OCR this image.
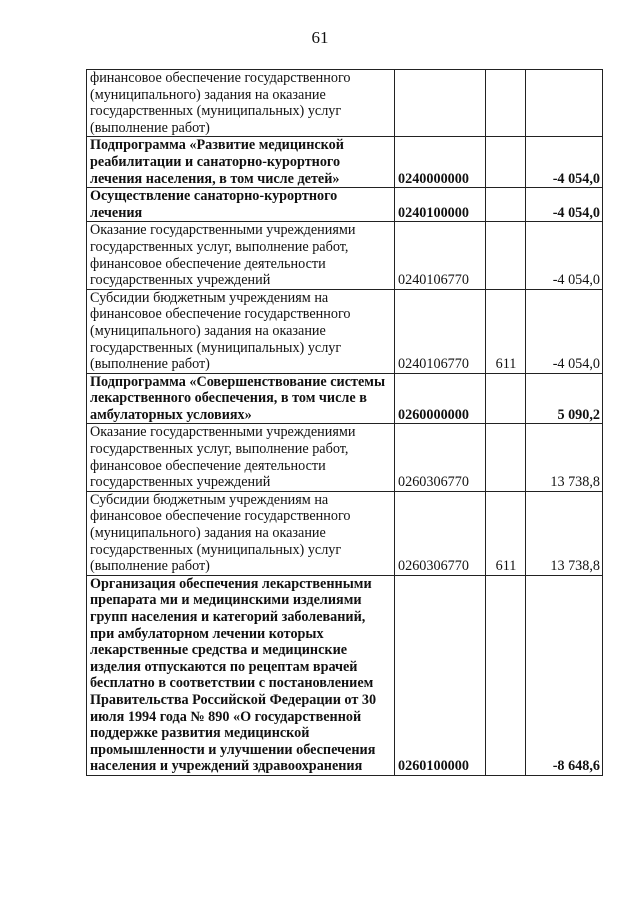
61
финансовое обеспечение государственного (муниципального) задания на оказание государственных (муниципальных) услуг (выполнение работ)			
Подпрограмма «Развитие медицинской реабилитации и санаторно-курортного лечения населения, в том числе детей»	0240000000		-4 054,0
Осуществление санаторно-курортного лечения	0240100000		-4 054,0
Оказание государственными учреждениями государственных услуг, выполнение работ, финансовое обеспечение деятельности государственных учреждений	0240106770		-4 054,0
Субсидии бюджетным учреждениям на финансовое обеспечение государственного (муниципального) задания на оказание государственных (муниципальных) услуг (выполнение работ)	0240106770	611	-4 054,0
Подпрограмма «Совершенствование системы лекарственного обеспечения, в том числе в амбулаторных условиях»	0260000000		5 090,2
Оказание государственными учреждениями государственных услуг, выполнение работ, финансовое обеспечение деятельности государственных учреждений	0260306770		13 738,8
Субсидии бюджетным учреждениям на финансовое обеспечение государственного (муниципального) задания на оказание государственных (муниципальных) услуг (выполнение работ)	0260306770	611	13 738,8
Организация обеспечения лекарственными препарата ми и медицинскими изделиями групп населения и категорий заболеваний, при амбулаторном лечении которых лекарственные средства и медицинские изделия отпускаются по рецептам врачей бесплатно в соответствии с постановлением Правительства Российской Федерации от 30 июля 1994 года № 890 «О государственной поддержке развития медицинской промышленности и улучшении обеспечения населения и учреждений здравоохранения	0260100000		-8 648,6
